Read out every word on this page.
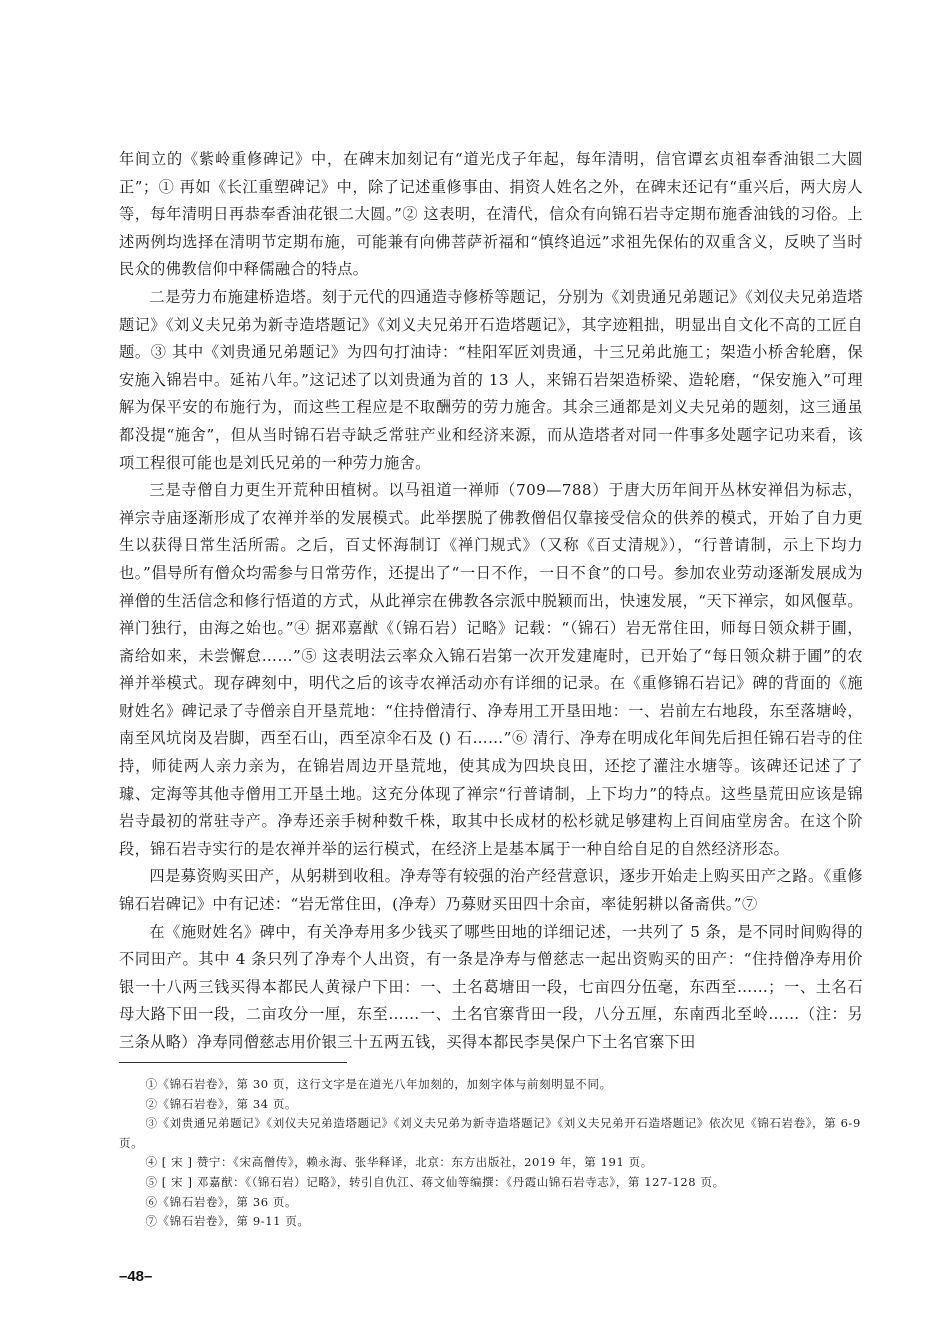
年间立的《紫岭重修碑记》中，在碑末加刻记有“道光戊子年起，每年清明，信官谭玄贞祖奉香油银二大圆正”；① 再如《长江重塑碑记》中，除了记述重修事由、捐资人姓名之外，在碑末还记有“重兴后，两大房人等，每年清明日再恭奉香油花银二大圆。”② 这表明，在清代，信众有向锦石岩寺定期布施香油钱的习俗。上述两例均选择在清明节定期布施，可能兼有向佛菩萨祈福和“慎终追远”求祖先保佑的双重含义，反映了当时民众的佛教信仰中释儒融合的特点。

二是劳力布施建桥造塔。刻于元代的四通造寺修桥等题记，分别为《刘贵通兄弟题记》《刘仪夫兄弟造塔题记》《刘义夫兄弟为新寺造塔题记》《刘义夫兄弟开石造塔题记》，其字迹粗拙，明显出自文化不高的工匠自题。③ 其中《刘贵通兄弟题记》为四句打油诗：“桂阳军匠刘贵通，十三兄弟此施工；架造小桥舍轮磨，保安施入锦岩中。延祐八年。”这记述了以刘贵通为首的 13 人，来锦石岩架造桥梁、造轮磨，“保安施入”可理解为保平安的布施行为，而这些工程应是不取酬劳的劳力施舍。其余三通都是刘义夫兄弟的题刻，这三通虽都没提“施舍”，但从当时锦石岩寺缺乏常驻产业和经济来源，而从造塔者对同一件事多处题字记功来看，该项工程很可能也是刘氏兄弟的一种劳力施舍。

三是寺僧自力更生开荒种田植树。以马祖道一禅师（709—788）于唐大历年间开丛林安禅侣为标志，禅宗寺庙逐渐形成了农禅并举的发展模式。此举摆脱了佛教僧侣仅靠接受信众的供养的模式，开始了自力更生以获得日常生活所需。之后，百丈怀海制订《禅门规式》（又称《百丈清规》），“行普请制，示上下均力也。”倡导所有僧众均需参与日常劳作，还提出了“一日不作，一日不食”的口号。参加农业劳动逐渐发展成为禅僧的生活信念和修行悟道的方式，从此禅宗在佛教各宗派中脱颖而出，快速发展，“天下禅宗，如风偃草。禅门独行，由海之始也。”④ 据邓嘉猷《（锦石岩）记略》记载：“（锦石）岩无常住田，师每日领众耕于圃，斋给如来，未尝懈怠……”⑤ 这表明法云率众入锦石岩第一次开发建庵时，已开始了“每日领众耕于圃”的农禅并举模式。现存碑刻中，明代之后的该寺农禅活动亦有详细的记录。在《重修锦石岩记》碑的背面的《施财姓名》碑记录了寺僧亲自开垦荒地：“住持僧清行、净寿用工开垦田地：一、岩前左右地段，东至落塘岭，南至风坑岗及岩脚，西至石山，西至凉伞石及 () 石……”⑥ 清行、净寿在明成化年间先后担任锦石岩寺的住持，师徒两人亲力亲为，在锦岩周边开垦荒地，使其成为四块良田，还挖了灌注水塘等。该碑还记述了了璩、定海等其他寺僧用工开垦土地。这充分体现了禅宗“行普请制，上下均力”的特点。这些垦荒田应该是锦岩寺最初的常驻寺产。净寿还亲手树种数千株，取其中长成材的松杉就足够建构上百间庙堂房舍。在这个阶段，锦石岩寺实行的是农禅并举的运行模式，在经济上是基本属于一种自给自足的自然经济形态。

四是募资购买田产，从躬耕到收租。净寿等有较强的治产经营意识，逐步开始走上购买田产之路。《重修锦石岩碑记》中有记述：“岩无常住田，(净寿）乃募财买田四十余亩，率徒躬耕以备斋供。”⑦

在《施财姓名》碑中，有关净寿用多少钱买了哪些田地的详细记述，一共列了 5 条，是不同时间购得的不同田产。其中 4 条只列了净寿个人出资，有一条是净寿与僧慈志一起出资购买的田产：“住持僧净寿用价银一十八两三钱买得本都民人黄禄户下田：一、土名葛塘田一段，七亩四分伍毫，东西至……；一、土名石母大路下田一段，二亩攻分一厘，东至……一、土名官寨背田一段，八分五厘，东南西北至岭……（注：另三条从略）净寿同僧慈志用价银三十五两五钱，买得本都民李昊保户下土名官寨下田

①《锦石岩卷》，第 30 页，这行文字是在道光八年加刻的，加刻字体与前刻明显不同。

②《锦石岩卷》，第 34 页。

③《刘贵通兄弟题记》《刘仪夫兄弟造塔题记》《刘义夫兄弟为新寺造塔题记》《刘义夫兄弟开石造塔题记》依次见《锦石岩卷》，第 6-9 页。

④ [ 宋 ] 赞宁：《宋高僧传》，赖永海、张华释译，北京：东方出版社，2019 年，第 191 页。

⑤ [ 宋 ] 邓嘉猷：《（锦石岩）记略》，转引自仇江、蒋文仙等编撰：《丹霞山锦石岩寺志》，第 127-128 页。

⑥《锦石岩卷》，第 36 页。

⑦《锦石岩卷》，第 9-11 页。

–48–
